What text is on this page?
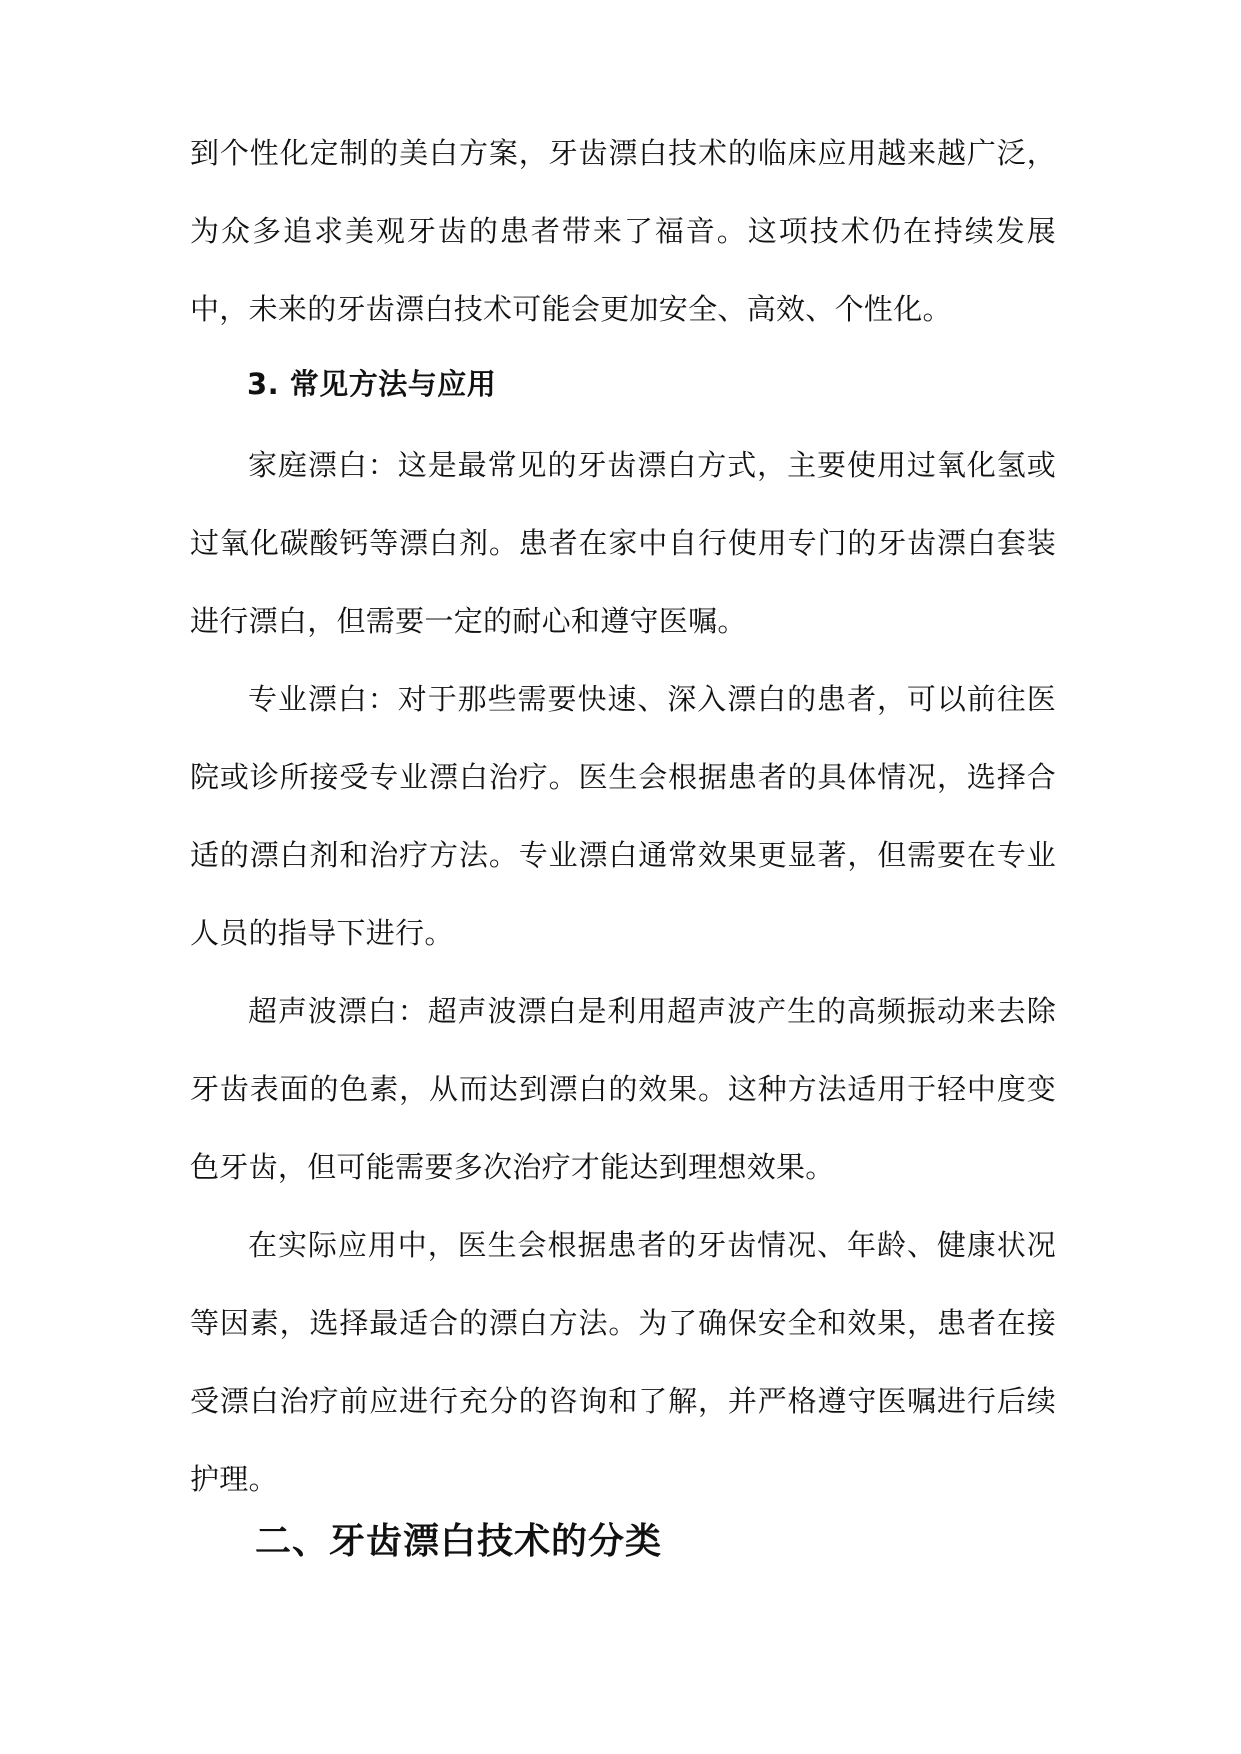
到个性化定制的美白方案，牙齿漂白技术的临床应用越来越广泛，为众多追求美观牙齿的患者带来了福音。这项技术仍在持续发展中，未来的牙齿漂白技术可能会更加安全、高效、个性化。
3. 常见方法与应用
家庭漂白：这是最常见的牙齿漂白方式，主要使用过氧化氢或过氧化碳酸钙等漂白剂。患者在家中自行使用专门的牙齿漂白套装进行漂白，但需要一定的耐心和遵守医嘱。
专业漂白：对于那些需要快速、深入漂白的患者，可以前往医院或诊所接受专业漂白治疗。医生会根据患者的具体情况，选择合适的漂白剂和治疗方法。专业漂白通常效果更显著，但需要在专业人员的指导下进行。
超声波漂白：超声波漂白是利用超声波产生的高频振动来去除牙齿表面的色素，从而达到漂白的效果。这种方法适用于轻中度变色牙齿，但可能需要多次治疗才能达到理想效果。
在实际应用中，医生会根据患者的牙齿情况、年龄、健康状况等因素，选择最适合的漂白方法。为了确保安全和效果，患者在接受漂白治疗前应进行充分的咨询和了解，并严格遵守医嘱进行后续护理。
二、牙齿漂白技术的分类
